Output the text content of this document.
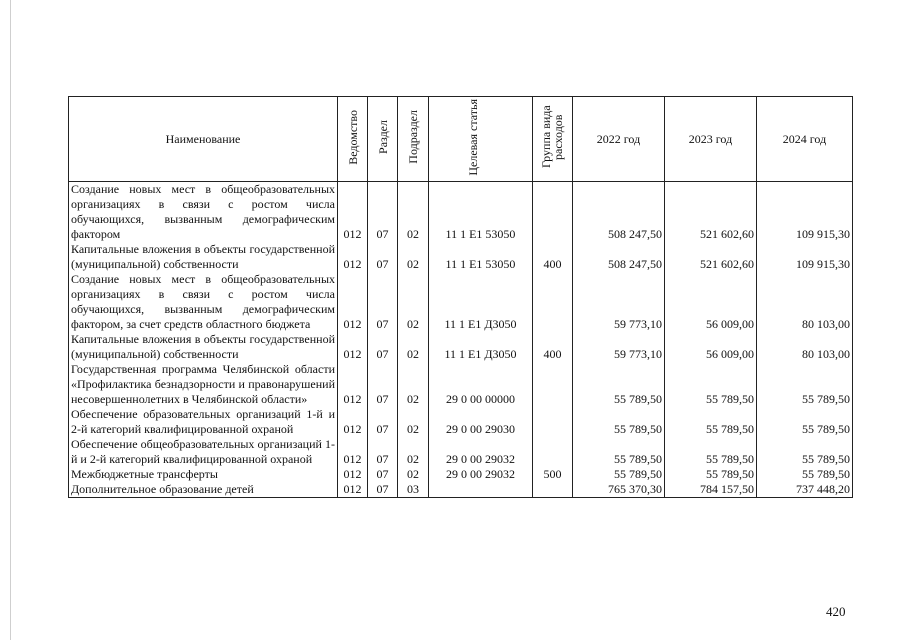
Наименование	Ведомство	Раздел	Подраздел	Целевая статья	Группа вида расходов	2022 год	2023 год	2024 год
Создание новых мест в общеобразовательных организациях в связи с ростом числа обучающихся, вызванным демографическим фактором	012	07	02	11 1 E1 53050		508 247,50	521 602,60	109 915,30
Капитальные вложения в объекты государственной (муниципальной) собственности	012	07	02	11 1 E1 53050	400	508 247,50	521 602,60	109 915,30
Создание новых мест в общеобразовательных организациях в связи с ростом числа обучающихся, вызванным демографическим фактором, за счет средств областного бюджета	012	07	02	11 1 E1 Д3050		59 773,10	56 009,00	80 103,00
Капитальные вложения в объекты государственной (муниципальной) собственности	012	07	02	11 1 E1 Д3050	400	59 773,10	56 009,00	80 103,00
Государственная программа Челябинской области «Профилактика безнадзорности и правонарушений несовершеннолетних в Челябинской области»	012	07	02	29 0 00 00000		55 789,50	55 789,50	55 789,50
Обеспечение образовательных организаций 1-й и 2-й категорий квалифицированной охраной	012	07	02	29 0 00 29030		55 789,50	55 789,50	55 789,50
Обеспечение общеобразовательных организаций 1-й и 2-й категорий квалифицированной охраной	012	07	02	29 0 00 29032		55 789,50	55 789,50	55 789,50
Межбюджетные трансферты	012	07	02	29 0 00 29032	500	55 789,50	55 789,50	55 789,50
Дополнительное образование детей	012	07	03			765 370,30	784 157,50	737 448,20
420
